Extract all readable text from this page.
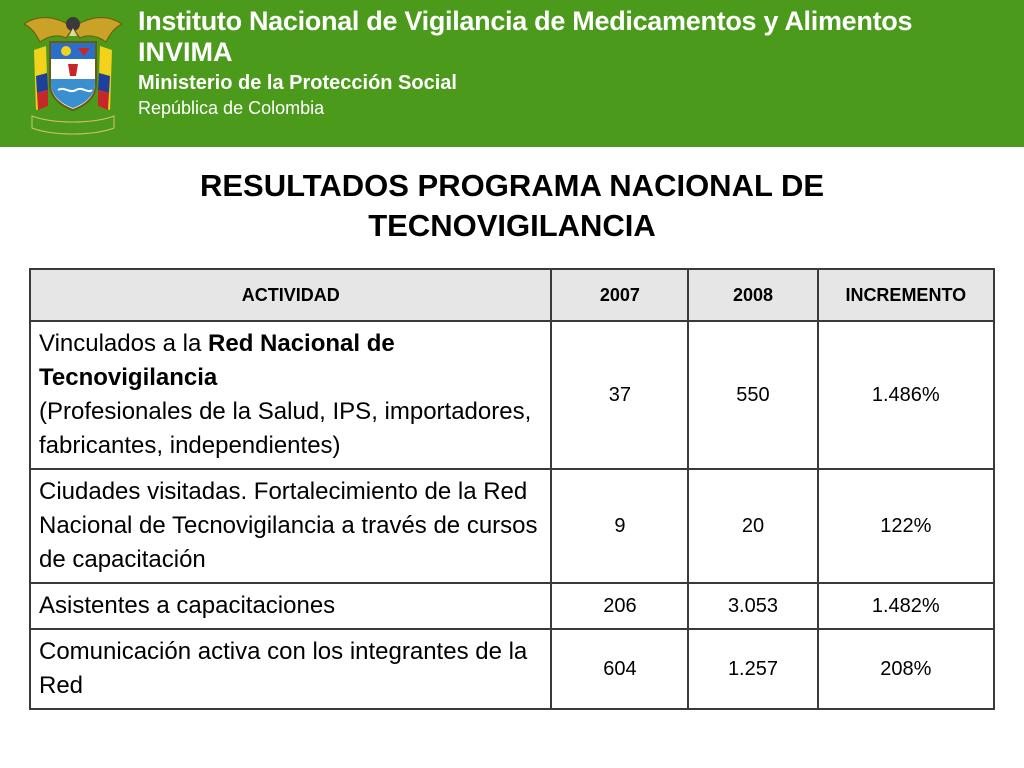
Instituto Nacional de Vigilancia de Medicamentos y Alimentos
INVIMA
Ministerio de la Protección Social
República de Colombia
RESULTADOS PROGRAMA NACIONAL DE
TECNOVIGILANCIA
ACTIVIDAD	2007	2008	INCREMENTO
Vinculados a la Red Nacional de Tecnovigilancia
(Profesionales de la Salud, IPS, importadores, fabricantes, independientes)	37	550	1.486%
Ciudades visitadas. Fortalecimiento de la Red Nacional de Tecnovigilancia a través de cursos de capacitación	9	20	122%
Asistentes a capacitaciones	206	3.053	1.482%
Comunicación activa con los integrantes de la Red	604	1.257	208%
